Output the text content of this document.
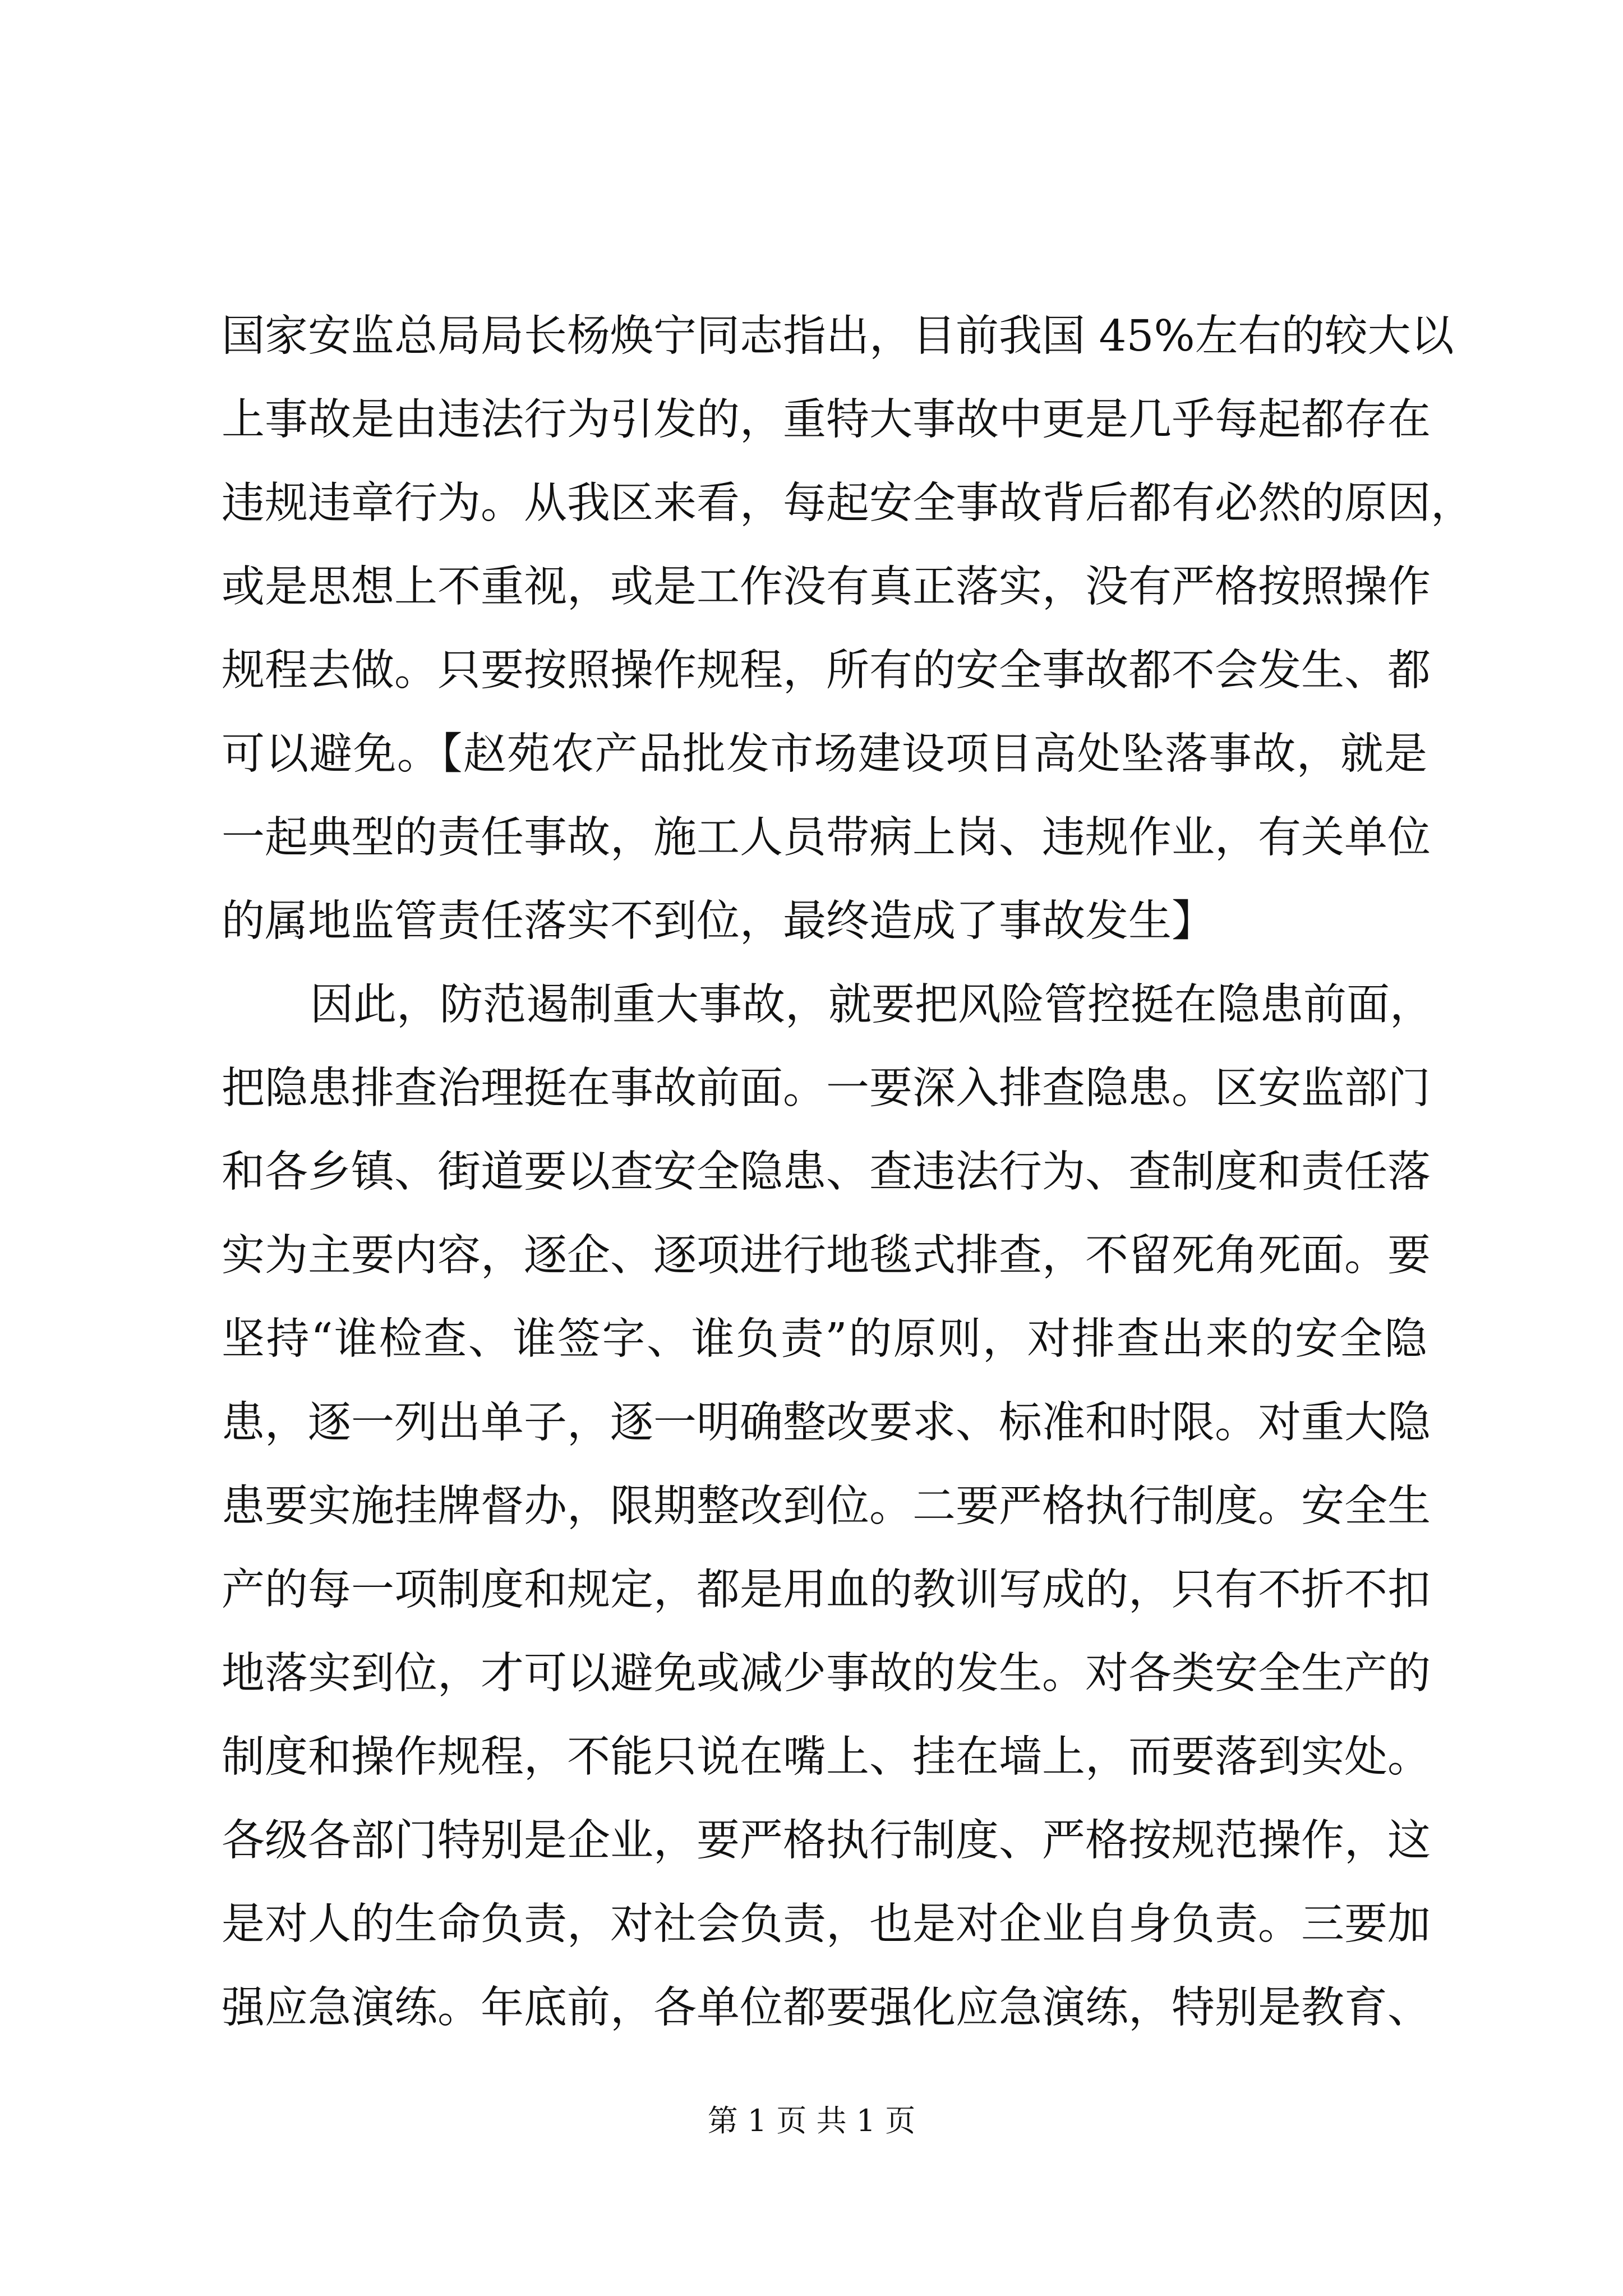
国家安监总局局长杨焕宁同志指出，目前我国 45%左右的较大以
上事故是由违法行为引发的，重特大事故中更是几乎每起都存在
违规违章行为。从我区来看，每起安全事故背后都有必然的原因，
或是思想上不重视，或是工作没有真正落实，没有严格按照操作
规程去做。只要按照操作规程，所有的安全事故都不会发生、都
可以避免。【赵苑农产品批发市场建设项目高处坠落事故，就是
一起典型的责任事故，施工人员带病上岗、违规作业，有关单位
的属地监管责任落实不到位，最终造成了事故发生】
因此，防范遏制重大事故，就要把风险管控挺在隐患前面，
把隐患排查治理挺在事故前面。一要深入排查隐患。区安监部门
和各乡镇、街道要以查安全隐患、查违法行为、查制度和责任落
实为主要内容，逐企、逐项进行地毯式排查，不留死角死面。要
坚持“谁检查、谁签字、谁负责”的原则，对排查出来的安全隐
患，逐一列出单子，逐一明确整改要求、标准和时限。对重大隐
患要实施挂牌督办，限期整改到位。二要严格执行制度。安全生
产的每一项制度和规定，都是用血的教训写成的，只有不折不扣
地落实到位，才可以避免或减少事故的发生。对各类安全生产的
制度和操作规程，不能只说在嘴上、挂在墙上，而要落到实处。
各级各部门特别是企业，要严格执行制度、严格按规范操作，这
是对人的生命负责，对社会负责，也是对企业自身负责。三要加
强应急演练。年底前，各单位都要强化应急演练，特别是教育、
第 1 页 共 1 页
